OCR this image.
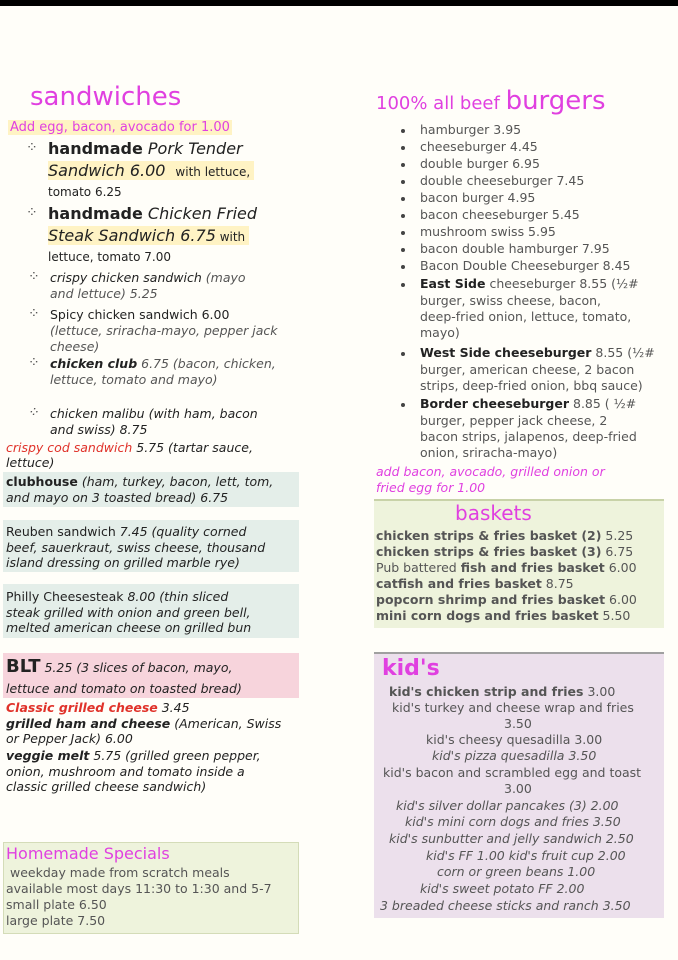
sandwiches
Add egg, bacon, avocado for 1.00
⁘ handmade Pork Tender
Sandwich 6.00 with lettuce,
tomato 6.25
⁘ handmade Chicken Fried
Steak Sandwich 6.75 with
lettuce, tomato 7.00
⁘ crispy chicken sandwich (mayo
and lettuce) 5.25
⁘ Spicy chicken sandwich 6.00
(lettuce, sriracha-mayo, pepper jack
cheese)
⁘ chicken club 6.75 (bacon, chicken,
lettuce, tomato and mayo)
⁘ chicken malibu (with ham, bacon
and swiss) 8.75
crispy cod sandwich 5.75 (tartar sauce,
lettuce)
clubhouse (ham, turkey, bacon, lett, tom,
and mayo on 3 toasted bread) 6.75
Reuben sandwich 7.45 (quality corned
beef, sauerkraut, swiss cheese, thousand
island dressing on grilled marble rye)
Philly Cheesesteak 8.00 (thin sliced
steak grilled with onion and green bell,
melted american cheese on grilled bun
BLT 5.25 (3 slices of bacon, mayo,
lettuce and tomato on toasted bread)
Classic grilled cheese 3.45
grilled ham and cheese (American, Swiss
or Pepper Jack) 6.00
veggie melt 5.75 (grilled green pepper,
onion, mushroom and tomato inside a
classic grilled cheese sandwich)
Homemade Specials
weekday made from scratch meals
available most days 11:30 to 1:30 and 5-7
small plate 6.50
large plate 7.50
100% all beef burgers
hamburger 3.95
cheeseburger 4.45
double burger 6.95
double cheeseburger 7.45
bacon burger 4.95
bacon cheeseburger 5.45
mushroom swiss 5.95
bacon double hamburger 7.95
Bacon Double Cheeseburger 8.45
East Side cheeseburger 8.55 (½#
burger, swiss cheese, bacon,
deep-fried onion, lettuce, tomato,
mayo)
West Side cheeseburger 8.55 (½#
burger, american cheese, 2 bacon
strips, deep-fried onion, bbq sauce)
Border cheeseburger 8.85 ( ½#
burger, pepper jack cheese, 2
bacon strips, jalapenos, deep-fried
onion, sriracha-mayo)
add bacon, avocado, grilled onion or
fried egg for 1.00
baskets
chicken strips & fries basket (2) 5.25
chicken strips & fries basket (3) 6.75
Pub battered fish and fries basket 6.00
catfish and fries basket 8.75
popcorn shrimp and fries basket 6.00
mini corn dogs and fries basket 5.50
kid's
kid's chicken strip and fries 3.00
kid's turkey and cheese wrap and fries
3.50
kid's cheesy quesadilla 3.00
kid's pizza quesadilla 3.50
kid's bacon and scrambled egg and toast
3.00
kid's silver dollar pancakes (3) 2.00
kid's mini corn dogs and fries 3.50
kid's sunbutter and jelly sandwich 2.50
kid's FF 1.00 kid's fruit cup 2.00
corn or green beans 1.00
kid's sweet potato FF 2.00
3 breaded cheese sticks and ranch 3.50
